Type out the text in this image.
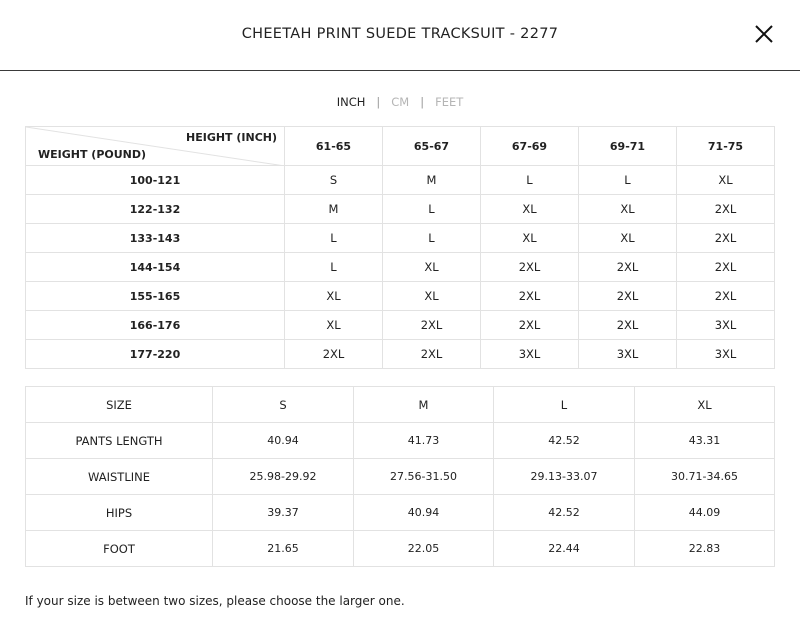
CHEETAH PRINT SUEDE TRACKSUIT - 2277
INCH | CM | FEET
HEIGHT (INCH)
WEIGHT (POUND)	61-65	65-67	67-69	69-71	71-75
100-121	S	M	L	L	XL
122-132	M	L	XL	XL	2XL
133-143	L	L	XL	XL	2XL
144-154	L	XL	2XL	2XL	2XL
155-165	XL	XL	2XL	2XL	2XL
166-176	XL	2XL	2XL	2XL	3XL
177-220	2XL	2XL	3XL	3XL	3XL
SIZE	S	M	L	XL
PANTS LENGTH	40.94	41.73	42.52	43.31
WAISTLINE	25.98-29.92	27.56-31.50	29.13-33.07	30.71-34.65
HIPS	39.37	40.94	42.52	44.09
FOOT	21.65	22.05	22.44	22.83
If your size is between two sizes, please choose the larger one.
